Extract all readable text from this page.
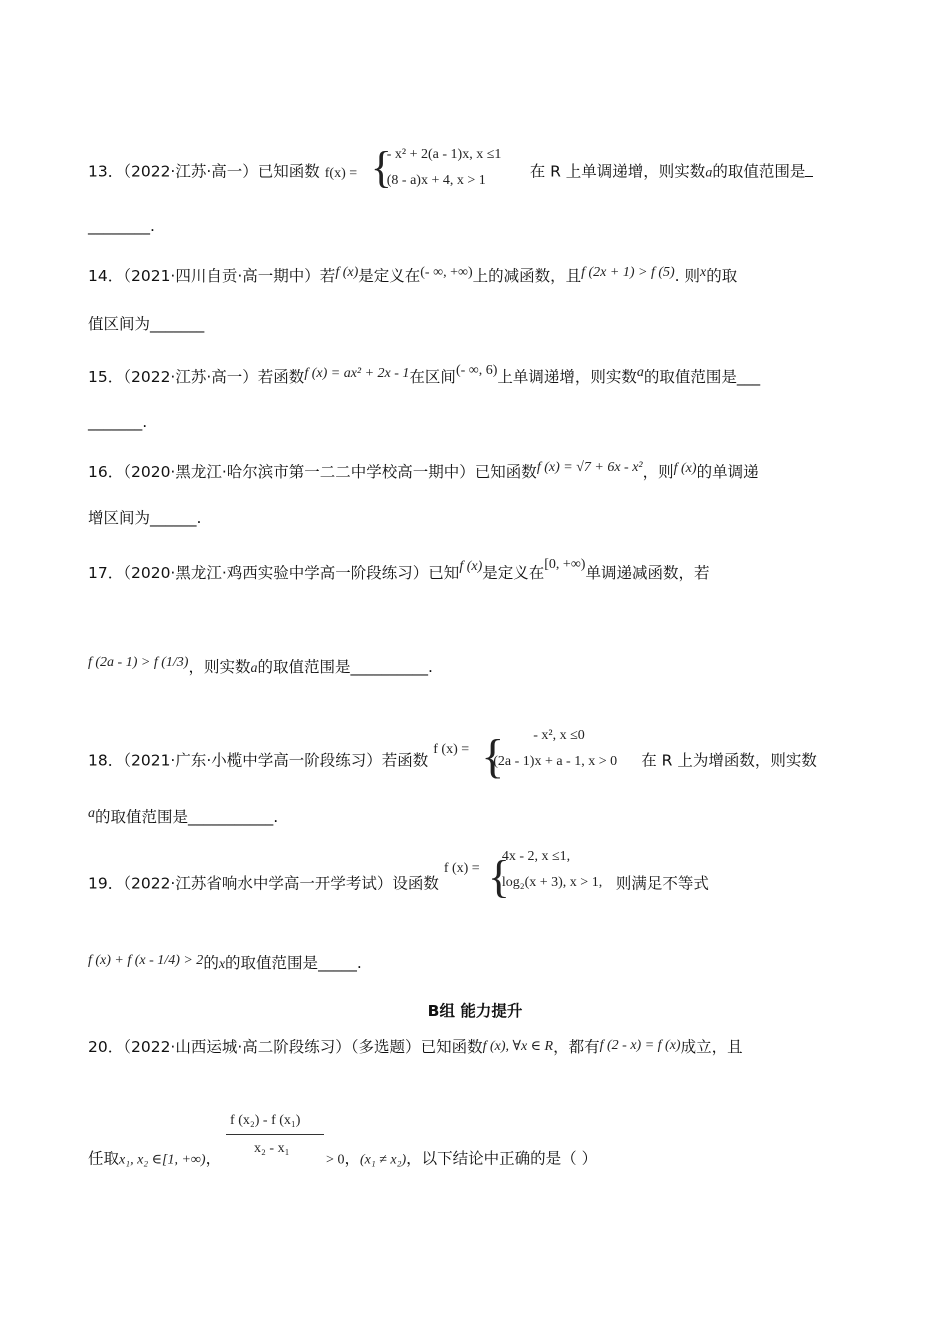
13．（2022·江苏·高一）已知函数 f(x) = {
- x² + 2(a - 1)x, x ≤1
(8 - a)x + 4, x > 1	在 R 上单调递增，则实数a的取值范围是
________.
14．（2021·四川自贡·高一期中）若f (x)是定义在(- ∞, +∞)上的减函数，且f (2x + 1) > f (5). 则x的取
值区间为_______
15．（2022·江苏·高一）若函数f (x) = ax² + 2x - 1在区间(- ∞, 6)上单调递增，则实数a的取值范围是___
_______.
16．（2020·黑龙江·哈尔滨市第一二二中学校高一期中）已知函数f (x) = √7 + 6x - x²，则f (x)的单调递
增区间为______.
17．（2020·黑龙江·鸡西实验中学高一阶段练习）已知f (x)是定义在[0, +∞)单调递减函数，若
f (2a - 1) > f (1/3)，则实数a的取值范围是__________.
18．（2021·广东·小榄中学高一阶段练习）若函数
f (x) = { - x², x ≤0
(2a - 1)x + a - 1, x > 0 在 R 上为增函数，则实数
a的取值范围是___________.
19．（2022·江苏省响水中学高一开学考试）设函数
f (x) = {
4x - 2, x ≤1,
log₂(x + 3), x > 1, 则满足不等式
f (x) + f (x - 1/4) > 2的x的取值范围是_____.
B组 能力提升
20．（2022·山西运城·高二阶段练习）（多选题）已知函数f (x), ∀x ∈ R，都有f (2 - x) = f (x)成立，且
任取x₁, x₂ ∈[1, +∞)， $\frac{\text{f (x₂) - f (x₁)}}{\text{x₂ - x₁}} > 0$，(x₁ ≠ x₂)，以下结论中正确的是（ ）
